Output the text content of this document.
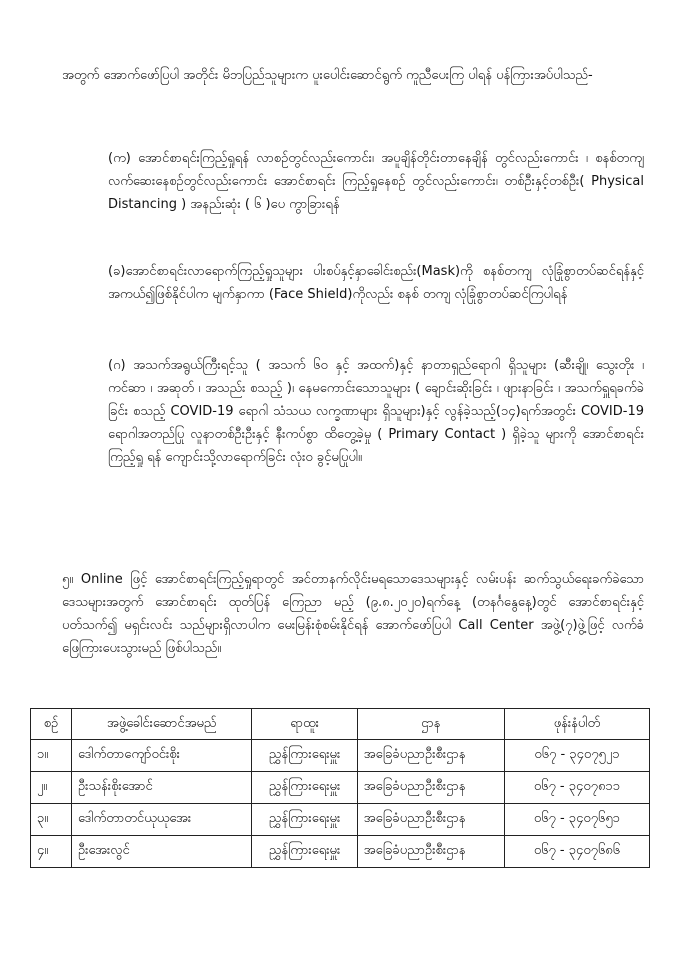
အတွက် အောက်ဖော်ပြပါ အတိုင်း မိဘပြည်သူများက ပူးပေါင်းဆောင်ရွက် ကူညီပေးကြ ပါရန် ပန်ကြားအပ်ပါသည်-

(က) အောင်စာရင်းကြည့်ရှုရန် လာစဉ်တွင်လည်းကောင်း၊ အပူချိန်တိုင်းတာနေချိန် တွင်လည်းကောင်း ၊ စနစ်တကျ လက်ဆေးနေစဉ်တွင်လည်းကောင်း အောင်စာရင်း ကြည့်ရှုနေစဉ် တွင်လည်းကောင်း၊ တစ်ဦးနှင့်တစ်ဦး( Physical Distancing ) အနည်းဆုံး ( ၆ )ပေ ကွာခြားရန်

(ခ)အောင်စာရင်းလာရောက်ကြည့်ရှုသူများ ပါးစပ်နှင့်နှာခေါင်းစည်း(Mask)ကို စနစ်တကျ လုံခြုံစွာတပ်ဆင်ရန်နှင့် အကယ်၍ဖြစ်နိုင်ပါက မျက်နှာကာ (Face Shield)ကိုလည်း စနစ် တကျ လုံခြုံစွာတပ်ဆင်ကြပါရန်

(ဂ) အသက်အရွယ်ကြီးရင့်သူ ( အသက် ၆၀ နှင့် အထက်)နှင့် နာတာရှည်ရောဂါ ရှိသူများ (ဆီးချို၊ သွေးတိုး ၊ ကင်ဆာ ၊ အဆုတ် ၊ အသည်း စသည့် )၊ နေမကောင်းသောသူများ ( ချောင်းဆိုးခြင်း ၊ ဖျားနာခြင်း ၊ အသက်ရှူရခက်ခဲခြင်း စသည့် COVID-19 ရောဂါ သံသယ လက္ခဏာများ ရှိသူများ)နှင့် လွန်ခဲ့သည့်(၁၄)ရက်အတွင်း COVID-19 ရောဂါအတည်ပြု လူနာတစ်ဦးဦးနှင့် နီးကပ်စွာ ထိတွေ့ခဲ့မှု ( Primary Contact ) ရှိခဲ့သူ များကို အောင်စာရင်း ကြည့်ရှု ရန် ကျောင်းသို့လာရောက်ခြင်း လုံးဝ ခွင့်မပြုပါ။

၅။ Online ဖြင့် အောင်စာရင်းကြည့်ရှုရာတွင် အင်တာနက်လိုင်းမရသောဒေသများနှင့် လမ်းပန်း ဆက်သွယ်ရေးခက်ခဲသောဒေသများအတွက် အောင်စာရင်း ထုတ်ပြန် ကြေညာ မည့် (၉.၈.၂၀၂၀)ရက်နေ့ (တနင်္ဂနွေနေ့)တွင် အောင်စာရင်းနှင့်ပတ်သက်၍ မရှင်းလင်း သည်များရှိလာပါက မေးမြန်းစုံစမ်းနိုင်ရန် အောက်ဖော်ပြပါ Call Center အဖွဲ့(၇)ဖွဲ့ဖြင့် လက်ခံဖြေကြားပေးသွားမည် ဖြစ်ပါသည်။

စဉ်	အဖွဲ့ခေါင်းဆောင်အမည်	ရာထူး	ဌာန	ဖုန်းနံပါတ်
၁။	ဒေါက်တာကျော်ဝင်းစိုး	ညွှန်ကြားရေးမှူး	အခြေခံပညာဦးစီးဌာန	၀၆၇ - ၃၄၀၇၅၂၁
၂။	ဦးသန်းစိုးအောင်	ညွှန်ကြားရေးမှူး	အခြေခံပညာဦးစီးဌာန	၀၆၇ - ၃၄၀၇၈၁၁
၃။	ဒေါက်တာတင်ယုယုအေး	ညွှန်ကြားရေးမှူး	အခြေခံပညာဦးစီးဌာန	၀၆၇ - ၃၄၀၇၆၅၁
၄။	ဦးအေးလွင်	ညွှန်ကြားရေးမှူး	အခြေခံပညာဦးစီးဌာန	၀၆၇ - ၃၄၀၇၆၈၆
